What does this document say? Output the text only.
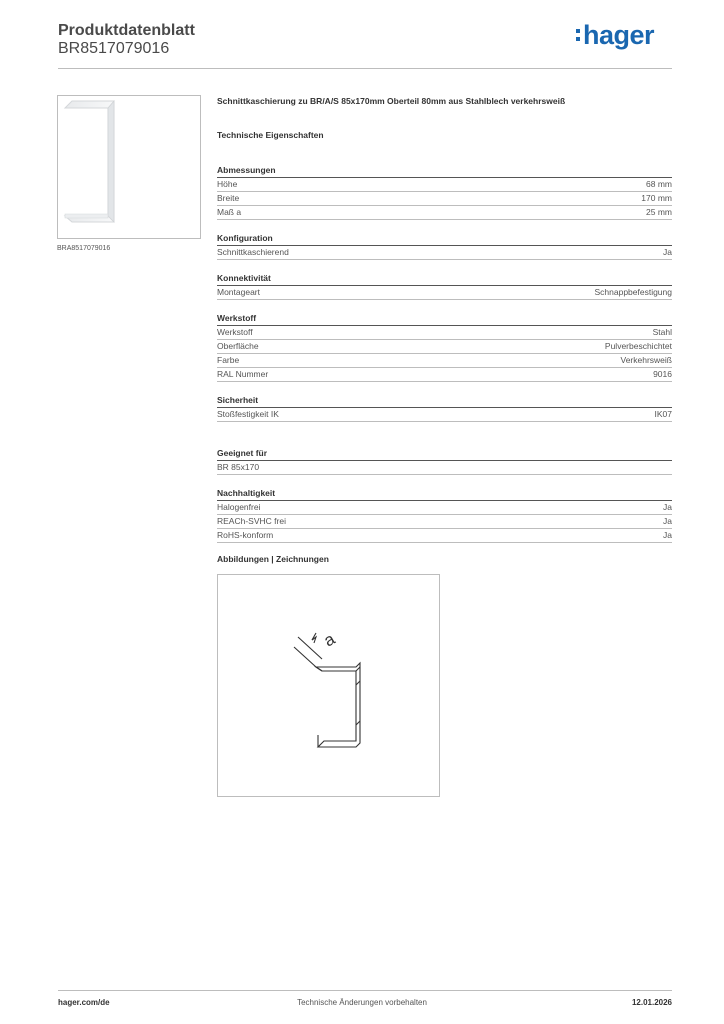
Produktdatenblatt
BR8517079016	hager
BRA8517079016

Schnittkaschierung zu BR/A/S 85x170mm Oberteil 80mm aus Stahlblech verkehrsweiß

Technische Eigenschaften
Abmessungen
Höhe	68 mm
Breite	170 mm
Maß a	25 mm
Konfiguration
Schnittkaschierend	Ja
Konnektivität
Montageart	Schnappbefestigung
Werkstoff
Werkstoff	Stahl
Oberfläche	Pulverbeschichtet
Farbe	Verkehrsweiß
RAL Nummer	9016
Sicherheit
Stoßfestigkeit IK	IK07
Geeignet für
BR 85x170
Nachhaltigkeit
Halogenfrei	Ja
REACh-SVHC frei	Ja
RoHS-konform	Ja
Abbildungen | Zeichnungen
a
hager.com/de	Technische Änderungen vorbehalten	12.01.2026
